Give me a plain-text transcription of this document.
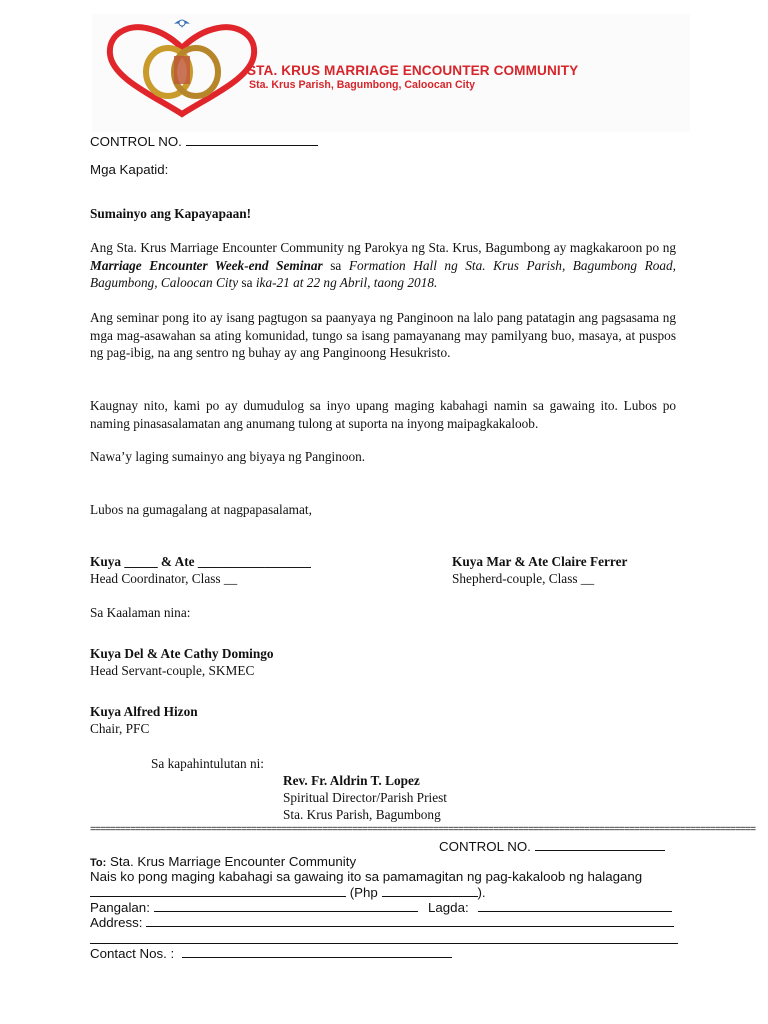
STA. KRUS MARRIAGE ENCOUNTER COMMUNITY
Sta. Krus Parish, Bagumbong, Caloocan City
CONTROL NO.
Mga Kapatid:
Sumainyo ang Kapayapaan!
Ang Sta. Krus Marriage Encounter Community ng Parokya ng Sta. Krus, Bagumbong ay magkakaroon po ng Marriage Encounter Week-end Seminar sa Formation Hall ng Sta. Krus Parish, Bagumbong Road, Bagumbong, Caloocan City sa ika-21 at 22 ng Abril, taong 2018.
Ang seminar pong ito ay isang pagtugon sa paanyaya ng Panginoon na lalo pang patatagin ang pagsasama ng mga mag-asawahan sa ating komunidad, tungo sa isang pamayanang may pamilyang buo, masaya, at puspos ng pag-ibig, na ang sentro ng buhay ay ang Panginoong Hesukristo.
Kaugnay nito, kami po ay dumudulog sa inyo upang maging kabahagi namin sa gawaing ito. Lubos po naming pinasasalamatan ang anumang tulong at suporta na inyong maipagkakaloob.
Nawa’y laging sumainyo ang biyaya ng Panginoon.
Lubos na gumagalang at nagpapasalamat,
Kuya _____ & Ate _________________
Head Coordinator, Class __
Kuya Mar & Ate Claire Ferrer
Shepherd-couple, Class __
Sa Kaalaman nina:
Kuya Del & Ate Cathy Domingo
Head Servant-couple, SKMEC
Kuya Alfred Hizon
Chair, PFC
Sa kapahintulutan ni:
Rev. Fr. Aldrin T. Lopez
Spiritual Director/Parish Priest
Sta. Krus Parish, Bagumbong
====================================================================================================================================
CONTROL NO.
To: Sta. Krus Marriage Encounter Community
Nais ko pong maging kabahagi sa gawaing ito sa pamamagitan ng pag-kakaloob ng halagang
(Php	).
Pangalan:	Lagda:
Address:
Contact Nos. :
